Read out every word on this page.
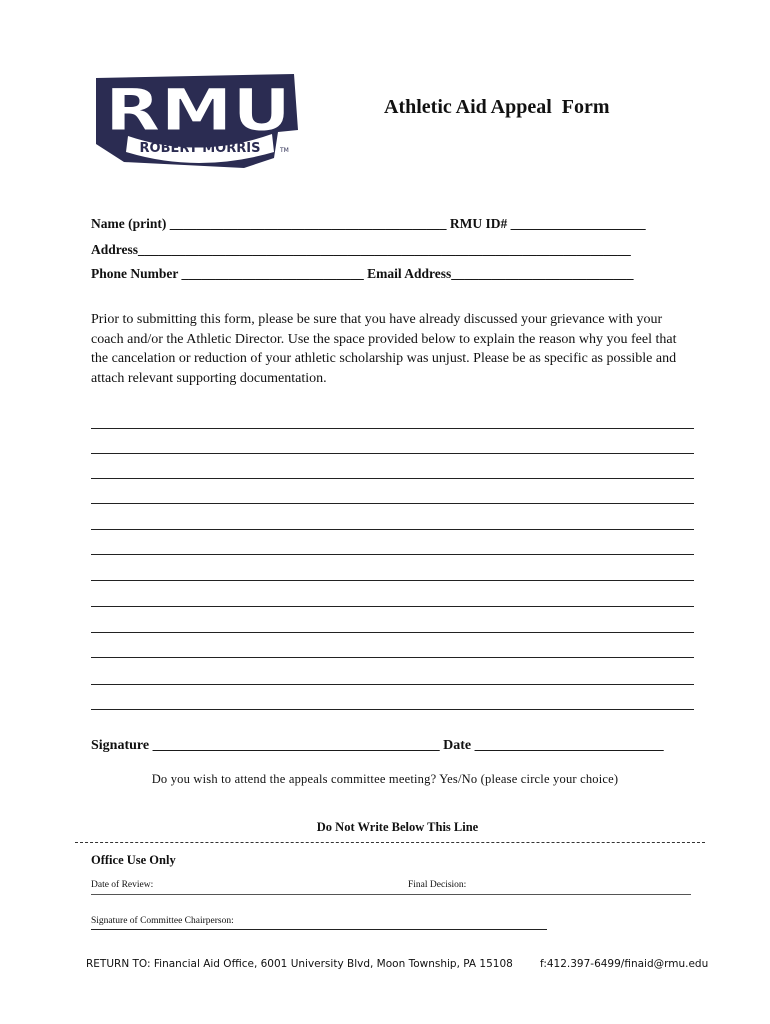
RMU
ROBERT MORRIS	TM
Athletic Aid Appeal  Form
Name (print) _________________________________________ RMU ID# ____________________
Address_________________________________________________________________________
Phone Number ___________________________ Email Address___________________________
Prior to submitting this form, please be sure that you have already discussed your grievance with your coach and/or the Athletic Director. Use the space provided below to explain the reason why you feel that the cancelation or reduction of your athletic scholarship was unjust. Please be as specific as possible and attach relevant supporting documentation.
Signature _________________________________________ Date ___________________________
Do you wish to attend the appeals committee meeting? Yes/No (please circle your choice)
Do Not Write Below This Line
Office Use Only
Date of Review:	Final Decision:
Signature of Committee Chairperson:
RETURN TO: Financial Aid Office, 6001 University Blvd, Moon Township, PA 15108	f:412.397-6499/finaid@rmu.edu
